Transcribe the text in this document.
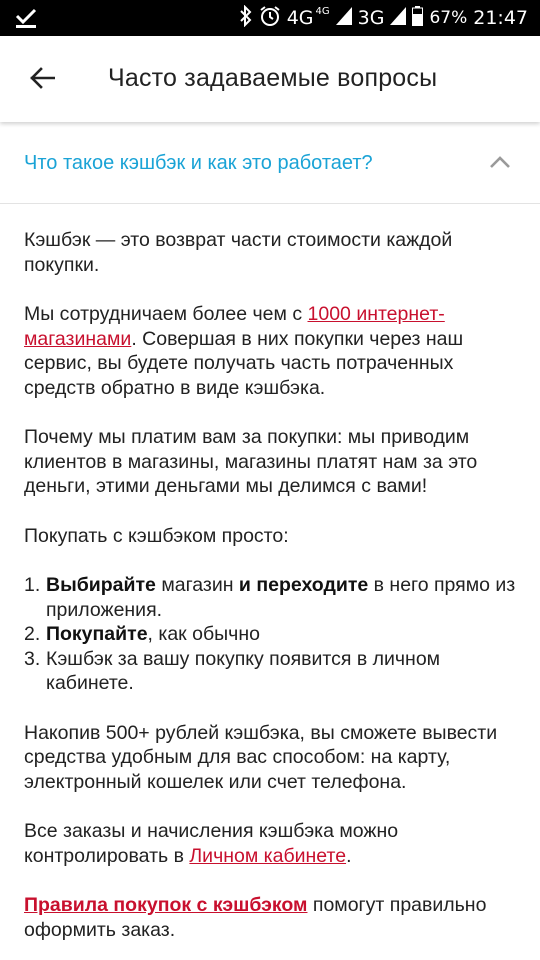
4G 4G 3G	67% 21:47
Часто задаваемые вопросы
Что такое кэшбэк и как это работает?

Кэшбэк — это возврат части стоимости каждой покупки.

Мы сотрудничаем более чем с 1000 интернет-магазинами. Совершая в них покупки через наш сервис, вы будете получать часть потраченных средств обратно в виде кэшбэка.

Почему мы платим вам за покупки: мы приводим клиентов в магазины, магазины платят нам за это деньги, этими деньгами мы делимся с вами!

Покупать с кэшбэком просто:

1. Выбирайте магазин и переходите в него прямо из приложения.
2. Покупайте, как обычно
3. Кэшбэк за вашу покупку появится в личном кабинете.

Накопив 500+ рублей кэшбэка, вы сможете вывести средства удобным для вас способом: на карту, электронный кошелек или счет телефона.

Все заказы и начисления кэшбэка можно контролировать в Личном кабинете.

Правила покупок с кэшбэком помогут правильно оформить заказ.
